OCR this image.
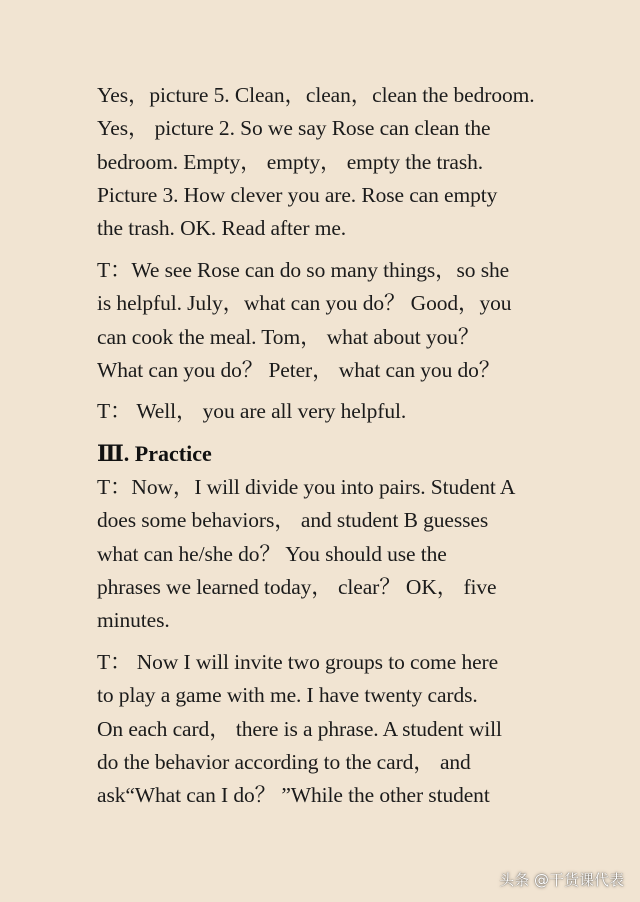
Yes，picture 5. Clean，clean，clean the bedroom.
Yes， picture 2. So we say Rose can clean the
bedroom. Empty， empty， empty the trash.
Picture 3. How clever you are. Rose can empty
the trash. OK. Read after me.

T：We see Rose can do so many things，so she
is helpful. July，what can you do？ Good，you
can cook the meal. Tom， what about you？
What can you do？ Peter， what can you do？

T： Well， you are all very helpful.

Ⅲ. Practice

T：Now，I will divide you into pairs. Student A
does some behaviors， and student B guesses
what can he/she do？ You should use the
phrases we learned today， clear？ OK， five
minutes.

T： Now I will invite two groups to come here
to play a game with me. I have twenty cards.
On each card， there is a phrase. A student will
do the behavior according to the card， and
ask“What can I do？ ”While the other student

头条 @干货课代表
